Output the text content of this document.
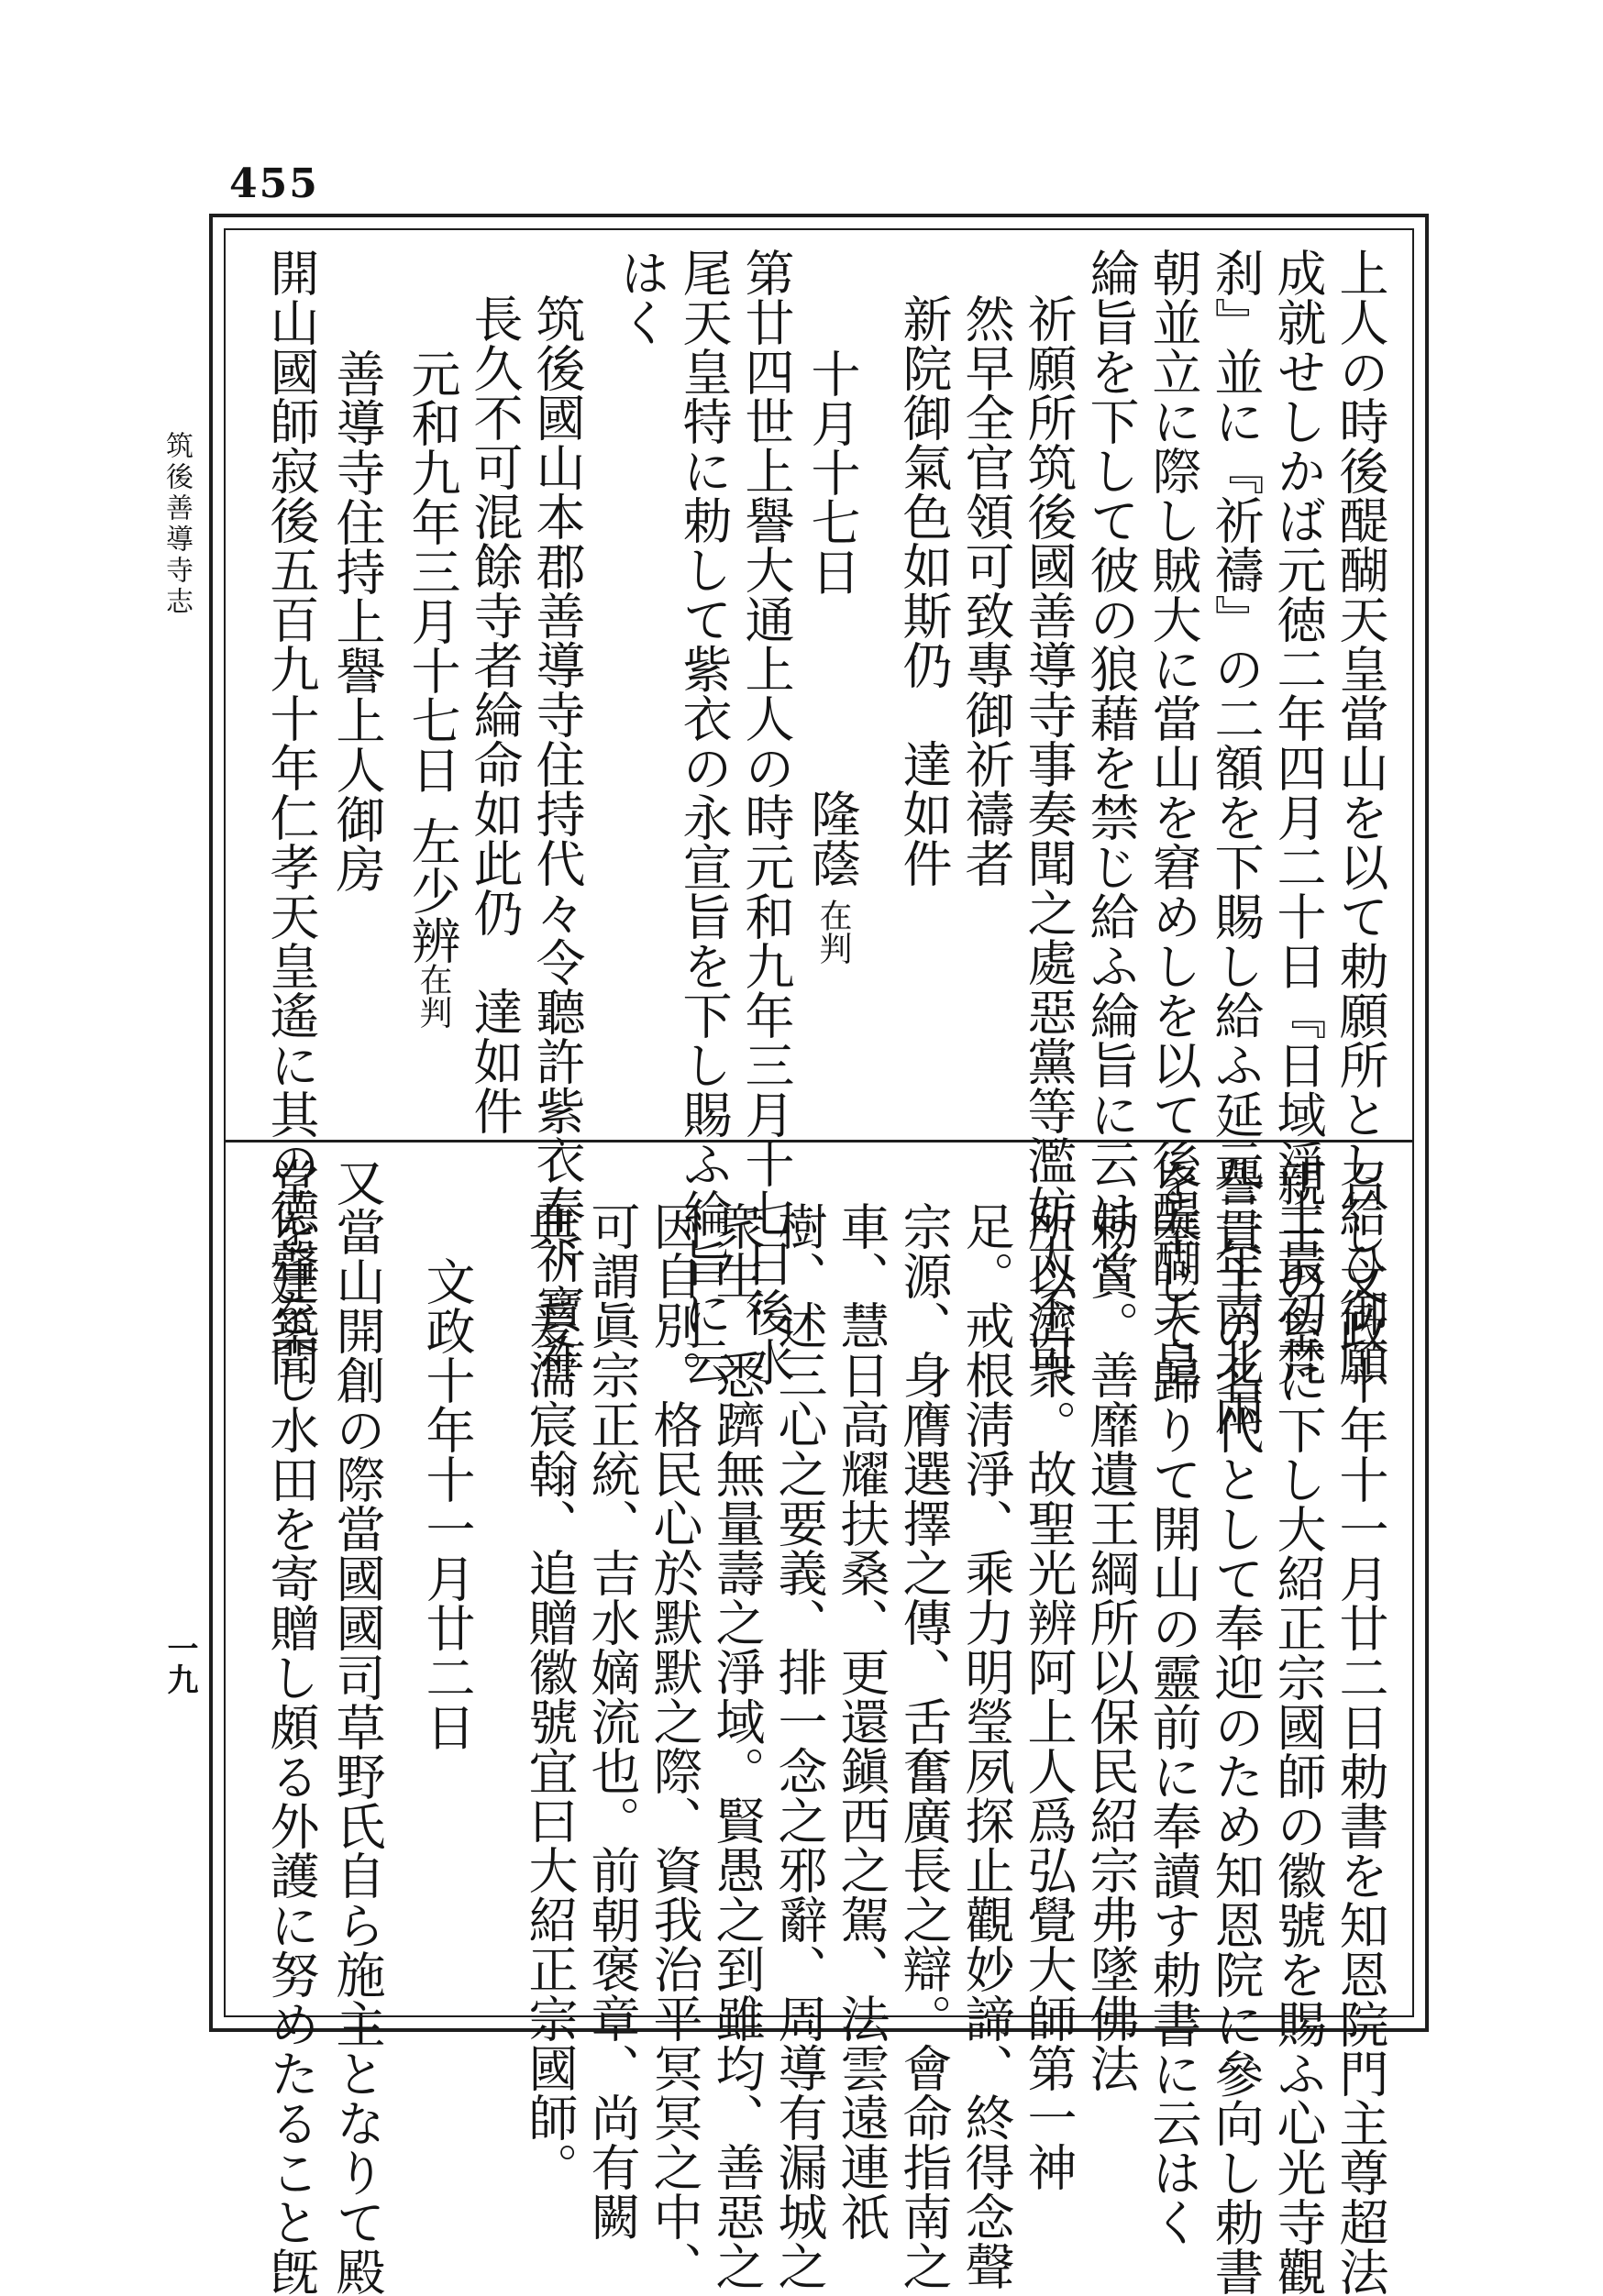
455
筑後善導寺志
一九
上人の時後醍醐天皇當山を以て勅願所とし給ひ御願
成就せしかば元徳二年四月二十日『日域淨土最初梵
刹』並に『祈禱』の二額を下賜し給ふ延元二年南北兩
朝並立に際し賊大に當山を窘めしを以て後醍醐天皇
綸旨を下して彼の狼藉を禁じ給ふ綸旨に云はく
祈願所筑後國善導寺事奏聞之處惡黨等濫妨太不可
然早全官領可致專御祈禱者
新院御氣色如斯仍　達如件
十月十七日
隆蔭
在判
第廿四世上譽大通上人の時元和九年三月十七日後水
尾天皇特に勅して紫衣の永宣旨を下し賜ふ綸旨に云
はく
筑後國山本郡善導寺住持代々令聽許紫衣奉祈寶祚
長久不可混餘寺者綸命如此仍　達如件
元和九年三月十七日
左少辨
在判
善導寺住持上譽上人御房
開山國師寂後五百九十年仁孝天皇遙に其の德聲を聞
召し文政十年十一月廿二日勅書を知恩院門主尊超法
親王の室に下し大紹正宗國師の徽號を賜ふ心光寺觀
譽貫主の名代として奉迎のため知恩院に參向し勅書
を奉じて歸りて開山の靈前に奉讀す勅書に云はく
勅賞。善靡遺王綱所以保民紹宗弗墜佛法
所以濟衆。故聖光辨阿上人爲弘覺大師第一神
足。戒根淸淨、乘力明瑩夙探止觀妙諦、終得念聲
宗源、身膺選擇之傳、舌奮廣長之辯。會命指南之
車、慧日高耀扶桑、更還鎭西之駕、法雲遠連祇
樹、述三心之要義、排一念之邪辭、周導有漏城之
衆生、悉躋無量壽之淨域。賢愚之到雖均、善惡之
因自別。格民心於默默之際、資我治平冥冥之中、
可謂眞宗正統、吉水嫡流也。前朝褒章、尚有闕
典、爰濡宸翰、追贈徽號宜曰大紹正宗國師。
文政十年十一月廿二日
又當山開創の際當國國司草野氏自ら施主となりて殿
堂を建築し水田を寄贈し頗る外護に努めたること旣
